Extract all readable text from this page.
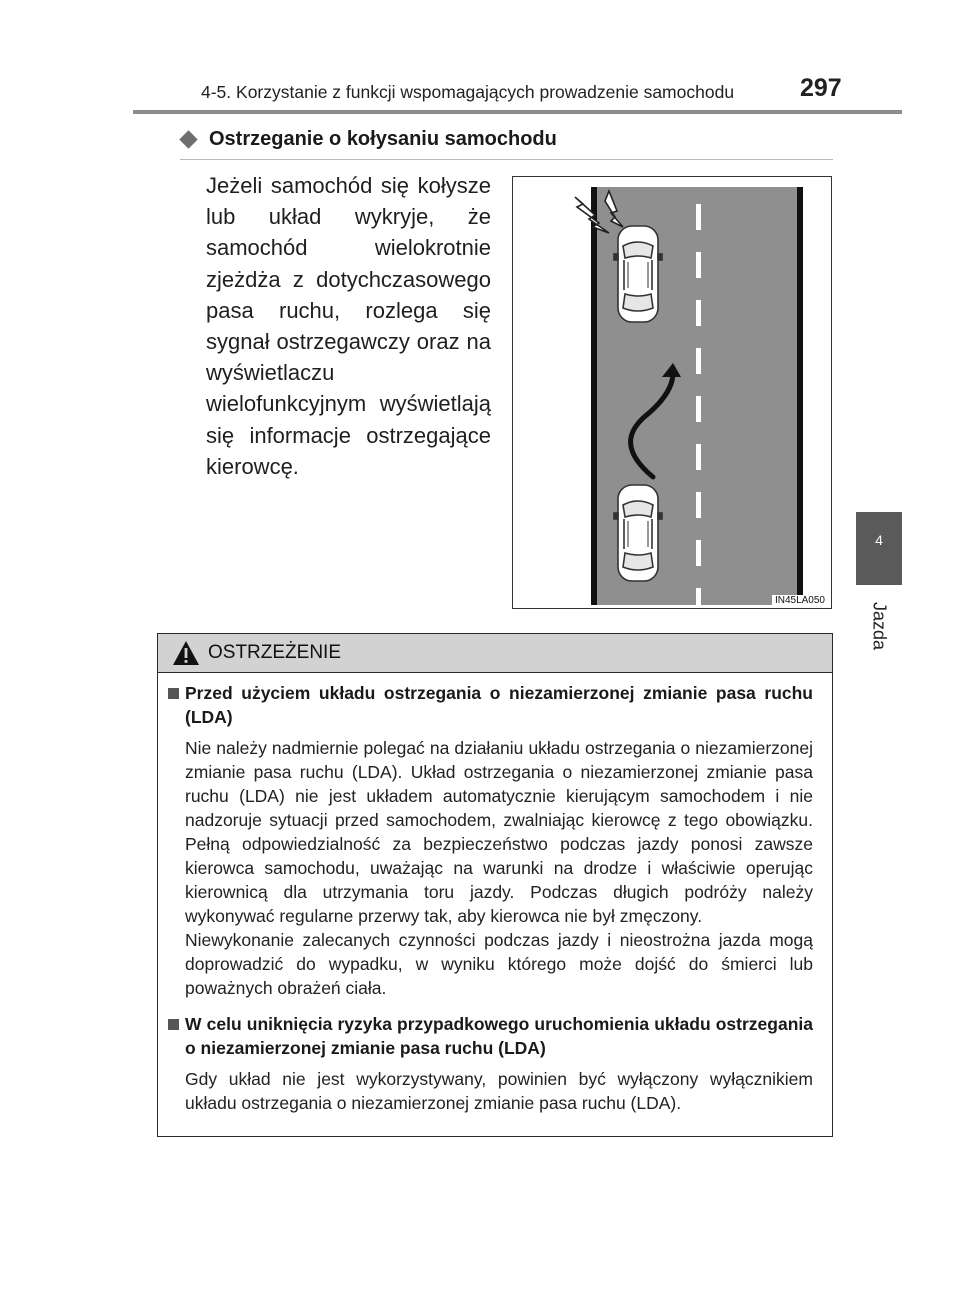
4-5. Korzystanie z funkcji wspomagających prowadzenie samochodu	297
4
Jazda
Ostrzeganie o kołysaniu samochodu

Jeżeli samochód się kołysze lub układ wykryje, że samochód wielokrotnie zjeżdża z dotychczasowego pasa ruchu, rozlega się sygnał ostrzegawczy oraz na wyświetlaczu wielofunkcyjnym wyświetlają się informacje ostrzegające kierowcę.

IN45LA050
OSTRZEŻENIE
Przed użyciem układu ostrzegania o niezamierzonej zmianie pasa ruchu (LDA)

Nie należy nadmiernie polegać na działaniu układu ostrzegania o niezamierzonej zmianie pasa ruchu (LDA). Układ ostrzegania o niezamierzonej zmianie pasa ruchu (LDA) nie jest układem automatycznie kierującym samochodem i nie nadzoruje sytuacji przed samochodem, zwalniając kierowcę z tego obowiązku. Pełną odpowiedzialność za bezpieczeństwo podczas jazdy ponosi zawsze kierowca samochodu, uważając na warunki na drodze i właściwie operując kierownicą dla utrzymania toru jazdy. Podczas długich podróży należy wykonywać regularne przerwy tak, aby kierowca nie był zmęczony.

Niewykonanie zalecanych czynności podczas jazdy i nieostrożna jazda mogą doprowadzić do wypadku, w wyniku którego może dojść do śmierci lub poważnych obrażeń ciała.

W celu uniknięcia ryzyka przypadkowego uruchomienia układu ostrzegania o niezamierzonej zmianie pasa ruchu (LDA)

Gdy układ nie jest wykorzystywany, powinien być wyłączony wyłącznikiem układu ostrzegania o niezamierzonej zmianie pasa ruchu (LDA).
